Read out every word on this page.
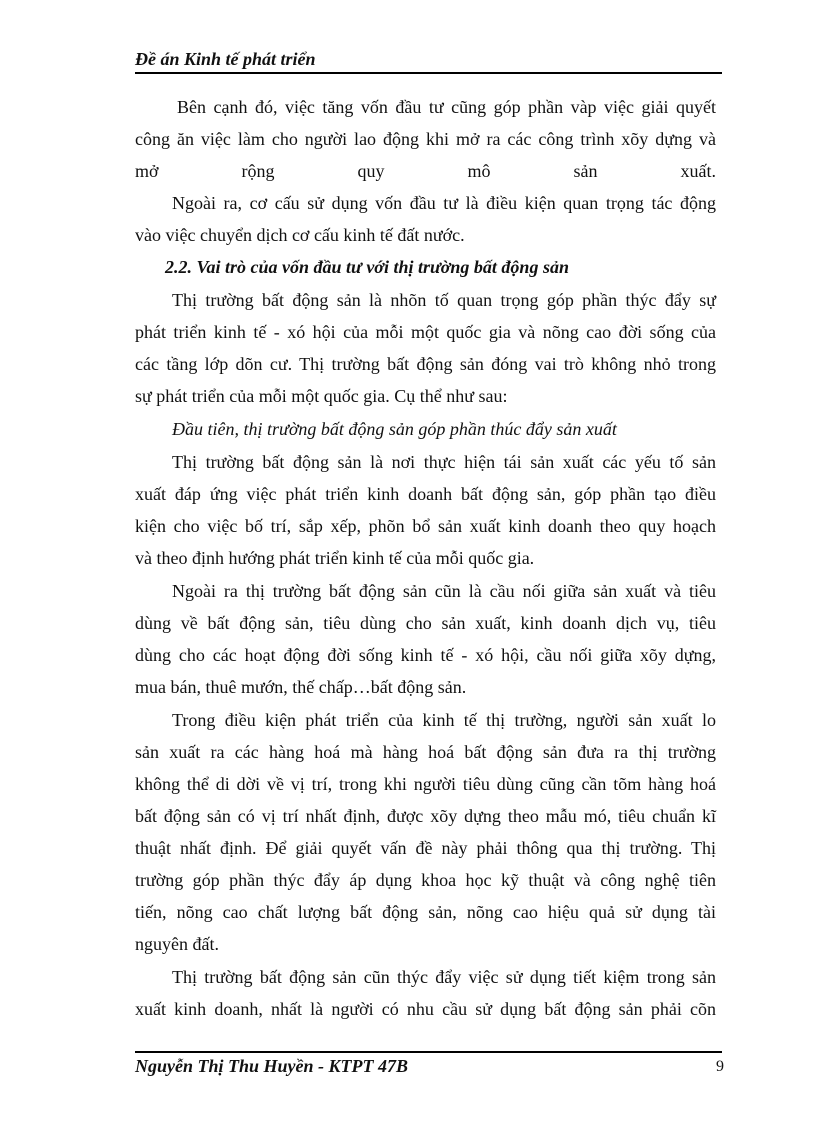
Đề án Kinh tế phát triển
Bên cạnh đó, việc tăng vốn đầu tư cũng góp phần vàp việc giải quyết
công ăn việc làm cho người lao động khi mở ra các công trình xõy dựng và
mở rộng quy mô sản xuất.
Ngoài ra, cơ cấu sử dụng vốn đầu tư là điều kiện quan trọng tác động
vào việc chuyển dịch cơ cấu kinh tế đất nước.
2.2. Vai trò của vốn đầu tư với thị trường bất động sản
Thị trường bất động sản là nhõn tố quan trọng góp phần thýc đẩy sự
phát triển kinh tế - xó hội của mỗi một quốc gia và nõng cao đời sống của
các tầng lớp dõn cư. Thị trường bất động sản đóng vai trò không nhỏ trong
sự phát triển của mỗi một quốc gia. Cụ thể như sau:
Đầu tiên, thị trường bất động sản góp phần thúc đẩy sản xuất
Thị trường bất động sản là nơi thực hiện tái sản xuất các yếu tố sản
xuất đáp ứng việc phát triển kinh doanh bất động sản, góp phần tạo điều
kiện cho việc bố trí, sắp xếp, phõn bổ sản xuất kinh doanh theo quy hoạch
và theo định hướng phát triển kinh tế của mỗi quốc gia.
Ngoài ra thị trường bất động sản cũn là cầu nối giữa sản xuất và tiêu
dùng về bất động sản, tiêu dùng cho sản xuất, kinh doanh dịch vụ, tiêu
dùng cho các hoạt động đời sống kinh tế - xó hội, cầu nối giữa xõy dựng,
mua bán, thuê mướn, thế chấp…bất động sản.
Trong điều kiện phát triển của kinh tế thị trường, người sản xuất lo
sản xuất ra các hàng hoá mà hàng hoá bất động sản đưa ra thị trường
không thể di dời về vị trí, trong khi người tiêu dùng cũng cần tõm hàng hoá
bất động sản có vị trí nhất định, được xõy dựng theo mẫu mó, tiêu chuẩn kĩ
thuật nhất định. Để giải quyết vấn đề này phải thông qua thị trường. Thị
trường góp phần thýc đẩy áp dụng khoa học kỹ thuật và công nghệ tiên
tiến, nõng cao chất lượng bất động sản, nõng cao hiệu quả sử dụng tài
nguyên đất.
Thị trường bất động sản cũn thýc đẩy việc sử dụng tiết kiệm trong sản
xuất kinh doanh, nhất là người có nhu cầu sử dụng bất động sản phải cõn
Nguyễn Thị Thu Huyền - KTPT 47B	9
